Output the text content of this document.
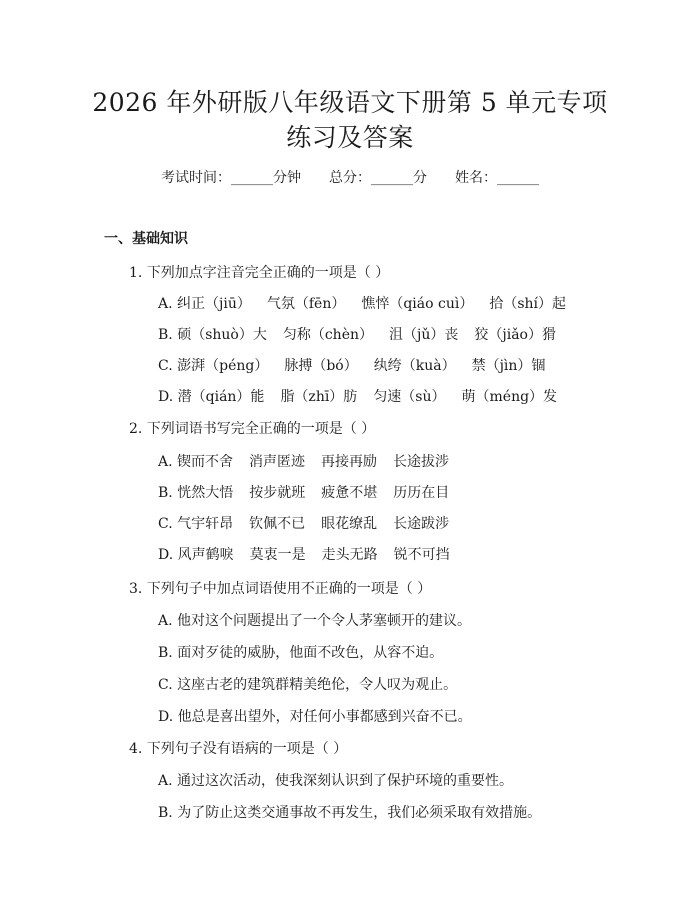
2026 年外研版八年级语文下册第 5 单元专项
练习及答案
考试时间：______分钟 总分：______分 姓名：______
一、基础知识
1. 下列加点字注音完全正确的一项是（ ）
A. 纠正（jiū） 气氛（fēn） 憔悴（qiáo cuì） 拾（shí）起
B. 硕（shuò）大 匀称（chèn） 沮（jǔ）丧 狡（jiǎo）猾
C. 澎湃（péng） 脉搏（bó） 纨绔（kuà） 禁（jìn）锢
D. 潜（qián）能 脂（zhī）肪 匀速（sù） 萌（méng）发
2. 下列词语书写完全正确的一项是（ ）
A. 锲而不舍 消声匿迹 再接再励 长途拔涉
B. 恍然大悟 按步就班 疲惫不堪 历历在目
C. 气宇轩昂 钦佩不已 眼花缭乱 长途跋涉
D. 风声鹤唳 莫衷一是 走头无路 锐不可挡
3. 下列句子中加点词语使用不正确的一项是（ ）
A. 他对这个问题提出了一个令人茅塞顿开的建议。
B. 面对歹徒的威胁，他面不改色，从容不迫。
C. 这座古老的建筑群精美绝伦，令人叹为观止。
D. 他总是喜出望外，对任何小事都感到兴奋不已。
4. 下列句子没有语病的一项是（ ）
A. 通过这次活动，使我深刻认识到了保护环境的重要性。
B. 为了防止这类交通事故不再发生，我们必须采取有效措施。
